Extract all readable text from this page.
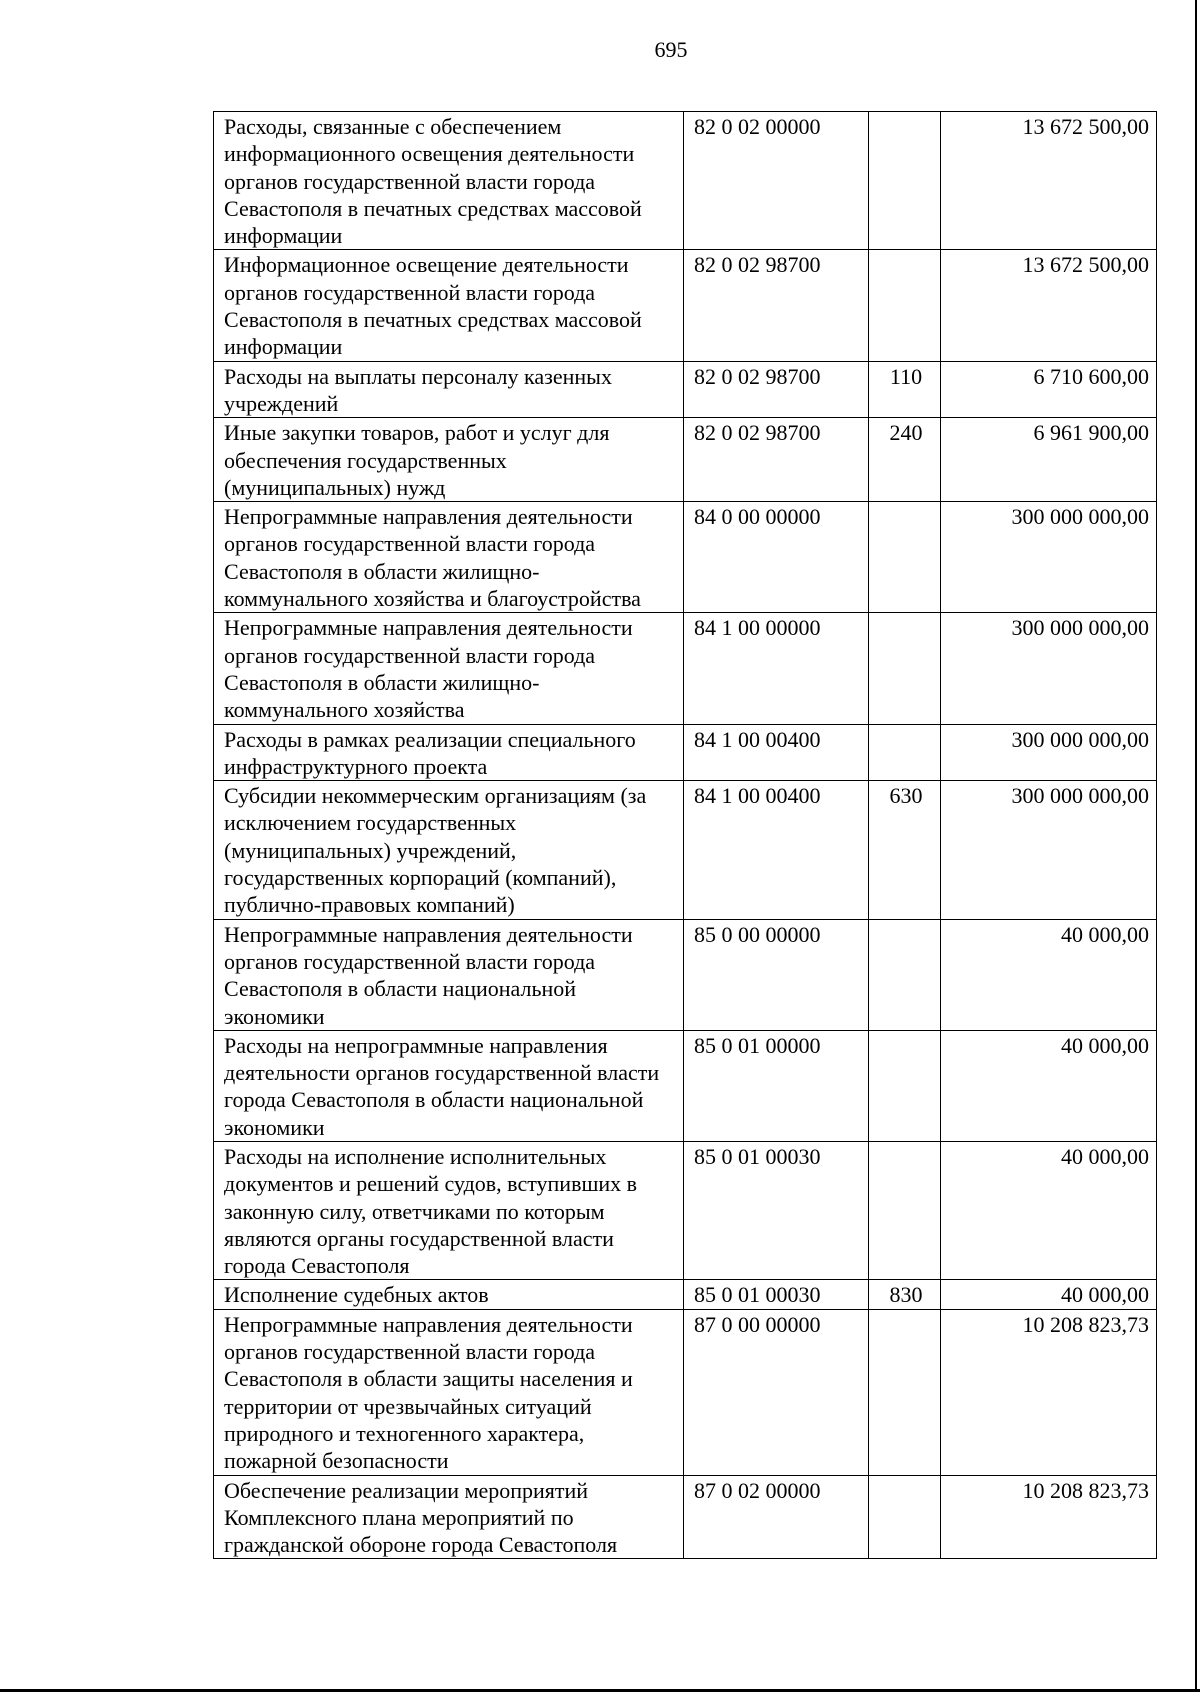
695
Расходы, связанные с обеспечением информационного освещения деятельности органов государственной власти города Севастополя в печатных средствах массовой информации	82 0 02 00000		13 672 500,00
Информационное освещение деятельности органов государственной власти города Севастополя в печатных средствах массовой информации	82 0 02 98700		13 672 500,00
Расходы на выплаты персоналу казенных учреждений	82 0 02 98700	110	6 710 600,00
Иные закупки товаров, работ и услуг для обеспечения государственных (муниципальных) нужд	82 0 02 98700	240	6 961 900,00
Непрограммные направления деятельности органов государственной власти города Севастополя в области жилищно-коммунального хозяйства и благоустройства	84 0 00 00000		300 000 000,00
Непрограммные направления деятельности органов государственной власти города Севастополя в области жилищно-коммунального хозяйства	84 1 00 00000		300 000 000,00
Расходы в рамках реализации специального инфраструктурного проекта	84 1 00 00400		300 000 000,00
Субсидии некоммерческим организациям (за исключением государственных (муниципальных) учреждений, государственных корпораций (компаний), публично-правовых компаний)	84 1 00 00400	630	300 000 000,00
Непрограммные направления деятельности органов государственной власти города Севастополя в области национальной экономики	85 0 00 00000		40 000,00
Расходы на непрограммные направления деятельности органов государственной власти города Севастополя в области национальной экономики	85 0 01 00000		40 000,00
Расходы на исполнение исполнительных документов и решений судов, вступивших в законную силу, ответчиками по которым являются органы государственной власти города Севастополя	85 0 01 00030		40 000,00
Исполнение судебных актов	85 0 01 00030	830	40 000,00
Непрограммные направления деятельности органов государственной власти города Севастополя в области защиты населения и территории от чрезвычайных ситуаций природного и техногенного характера, пожарной безопасности	87 0 00 00000		10 208 823,73
Обеспечение реализации мероприятий Комплексного плана мероприятий по гражданской обороне города Севастополя	87 0 02 00000		10 208 823,73
